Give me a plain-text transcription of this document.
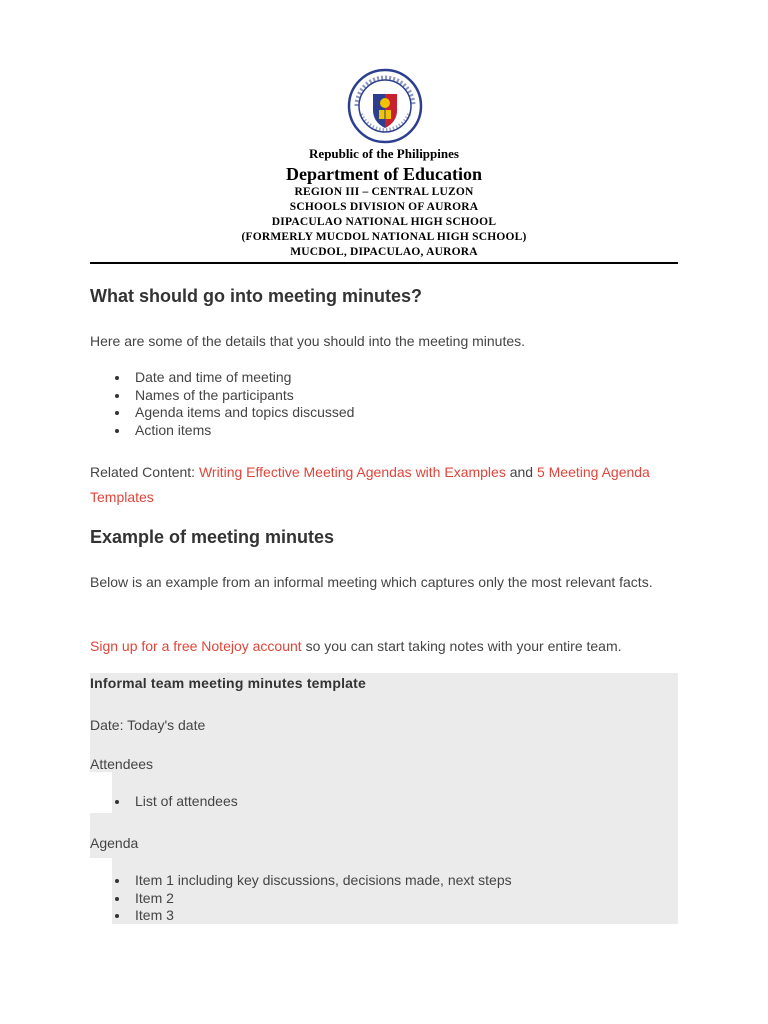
Republic of the Philippines
Department of Education
REGION III – CENTRAL LUZON
SCHOOLS DIVISION OF AURORA
DIPACULAO NATIONAL HIGH SCHOOL
(FORMERLY MUCDOL NATIONAL HIGH SCHOOL)
MUCDOL, DIPACULAO, AURORA
What should go into meeting minutes?
Here are some of the details that you should into the meeting minutes.
Date and time of meeting
Names of the participants
Agenda items and topics discussed
Action items
Related Content: Writing Effective Meeting Agendas with Examples and 5 Meeting Agenda Templates
Example of meeting minutes
Below is an example from an informal meeting which captures only the most relevant facts.
Sign up for a free Notejoy account so you can start taking notes with your entire team.
Informal team meeting minutes template
Date: Today's date
Attendees
List of attendees
Agenda
Item 1 including key discussions, decisions made, next steps
Item 2
Item 3
